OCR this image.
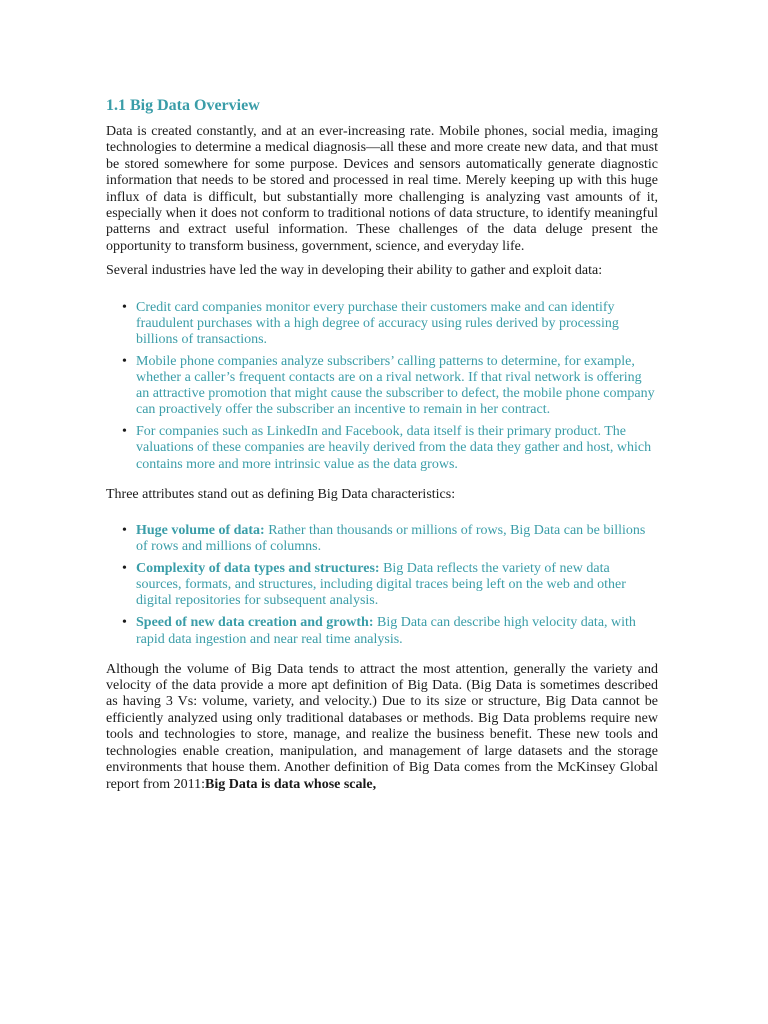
1.1 Big Data Overview

Data is created constantly, and at an ever-increasing rate. Mobile phones, social media, imaging technologies to determine a medical diagnosis—all these and more create new data, and that must be stored somewhere for some purpose. Devices and sensors automatically generate diagnostic information that needs to be stored and processed in real time. Merely keeping up with this huge influx of data is difficult, but substantially more challenging is analyzing vast amounts of it, especially when it does not conform to traditional notions of data structure, to identify meaningful patterns and extract useful information. These challenges of the data deluge present the opportunity to transform business, government, science, and everyday life.

Several industries have led the way in developing their ability to gather and exploit data:

• Credit card companies monitor every purchase their customers make and can identify fraudulent purchases with a high degree of accuracy using rules derived by processing billions of transactions.
• Mobile phone companies analyze subscribers’ calling patterns to determine, for example, whether a caller’s frequent contacts are on a rival network. If that rival network is offering an attractive promotion that might cause the subscriber to defect, the mobile phone company can proactively offer the subscriber an incentive to remain in her contract.
• For companies such as LinkedIn and Facebook, data itself is their primary product. The valuations of these companies are heavily derived from the data they gather and host, which contains more and more intrinsic value as the data grows.

Three attributes stand out as defining Big Data characteristics:

• Huge volume of data: Rather than thousands or millions of rows, Big Data can be billions of rows and millions of columns.
• Complexity of data types and structures: Big Data reflects the variety of new data sources, formats, and structures, including digital traces being left on the web and other digital repositories for subsequent analysis.
• Speed of new data creation and growth: Big Data can describe high velocity data, with rapid data ingestion and near real time analysis.

Although the volume of Big Data tends to attract the most attention, generally the variety and velocity of the data provide a more apt definition of Big Data. (Big Data is sometimes described as having 3 Vs: volume, variety, and velocity.) Due to its size or structure, Big Data cannot be efficiently analyzed using only traditional databases or methods. Big Data problems require new tools and technologies to store, manage, and realize the business benefit. These new tools and technologies enable creation, manipulation, and management of large datasets and the storage environments that house them. Another definition of Big Data comes from the McKinsey Global report from 2011:Big Data is data whose scale,
